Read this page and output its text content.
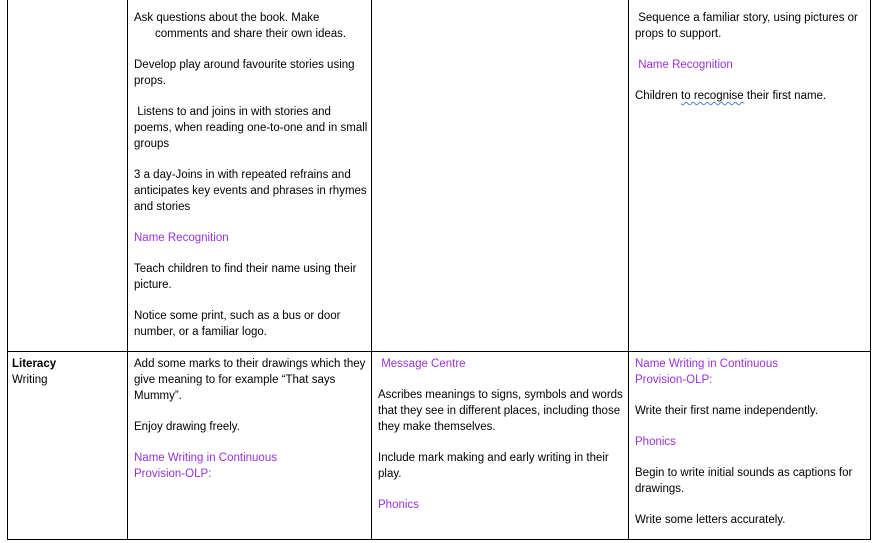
Ask questions about the book. Make
comments and share their own ideas.

Develop play around favourite stories using props.

Listens to and joins in with stories and poems, when reading one-to-one and in small groups

3 a day-Joins in with repeated refrains and anticipates key events and phrases in rhymes and stories

Name Recognition

Teach children to find their name using their picture.

Notice some print, such as a bus or door number, or a familiar logo.

Sequence a familiar story, using pictures or props to support.

Name Recognition

Children to recognise their first name.

Literacy
Writing

Add some marks to their drawings which they give meaning to for example “That says Mummy”.

Enjoy drawing freely.

Name Writing in Continuous
Provision-OLP:

Message Centre

Ascribes meanings to signs, symbols and words that they see in different places, including those they make themselves.

Include mark making and early writing in their play.

Phonics

Name Writing in Continuous
Provision-OLP:

Write their first name independently.

Phonics

Begin to write initial sounds as captions for drawings.

Write some letters accurately.
